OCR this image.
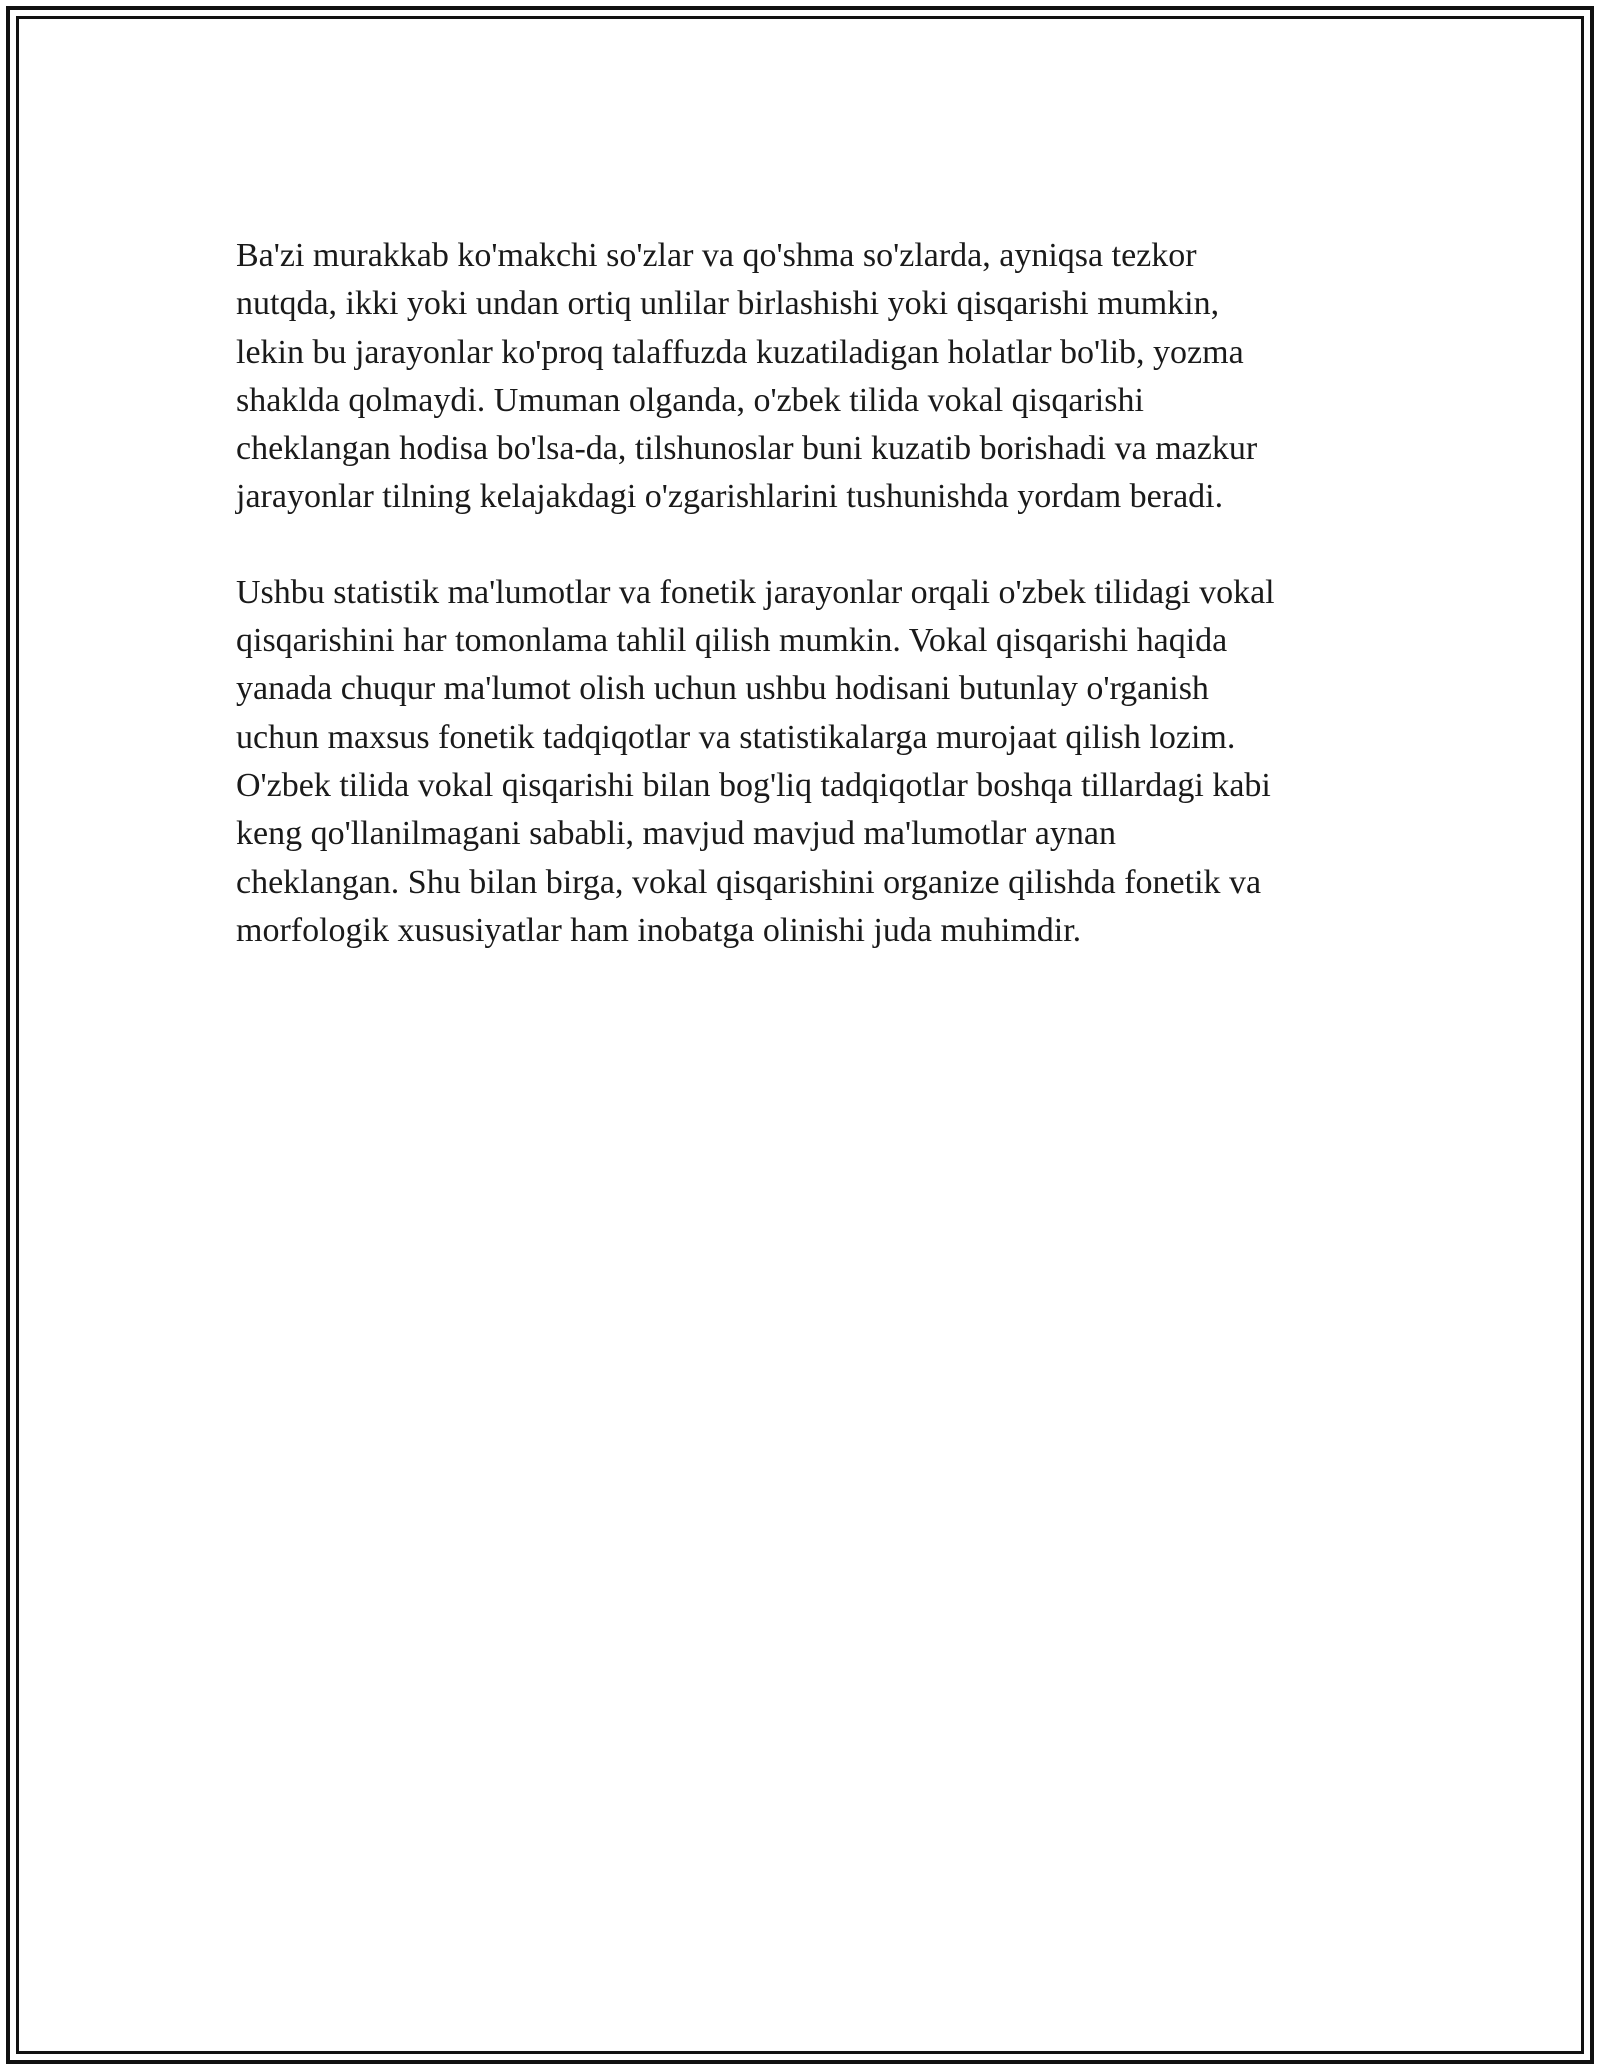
Ba'zi murakkab ko'makchi so'zlar va qo'shma so'zlarda, ayniqsa tezkor
nutqda, ikki yoki undan ortiq unlilar birlashishi yoki qisqarishi mumkin,
lekin bu jarayonlar ko'proq talaffuzda kuzatiladigan holatlar bo'lib, yozma
shaklda qolmaydi. Umuman olganda, o'zbek tilida vokal qisqarishi
cheklangan hodisa bo'lsa-da, tilshunoslar buni kuzatib borishadi va mazkur
jarayonlar tilning kelajakdagi o'zgarishlarini tushunishda yordam beradi.

Ushbu statistik ma'lumotlar va fonetik jarayonlar orqali o'zbek tilidagi vokal
qisqarishini har tomonlama tahlil qilish mumkin. Vokal qisqarishi haqida
yanada chuqur ma'lumot olish uchun ushbu hodisani butunlay o'rganish
uchun maxsus fonetik tadqiqotlar va statistikalarga murojaat qilish lozim.
O'zbek tilida vokal qisqarishi bilan bog'liq tadqiqotlar boshqa tillardagi kabi
keng qo'llanilmagani sababli, mavjud mavjud ma'lumotlar aynan
cheklangan. Shu bilan birga, vokal qisqarishini organize qilishda fonetik va
morfologik xususiyatlar ham inobatga olinishi juda muhimdir.
